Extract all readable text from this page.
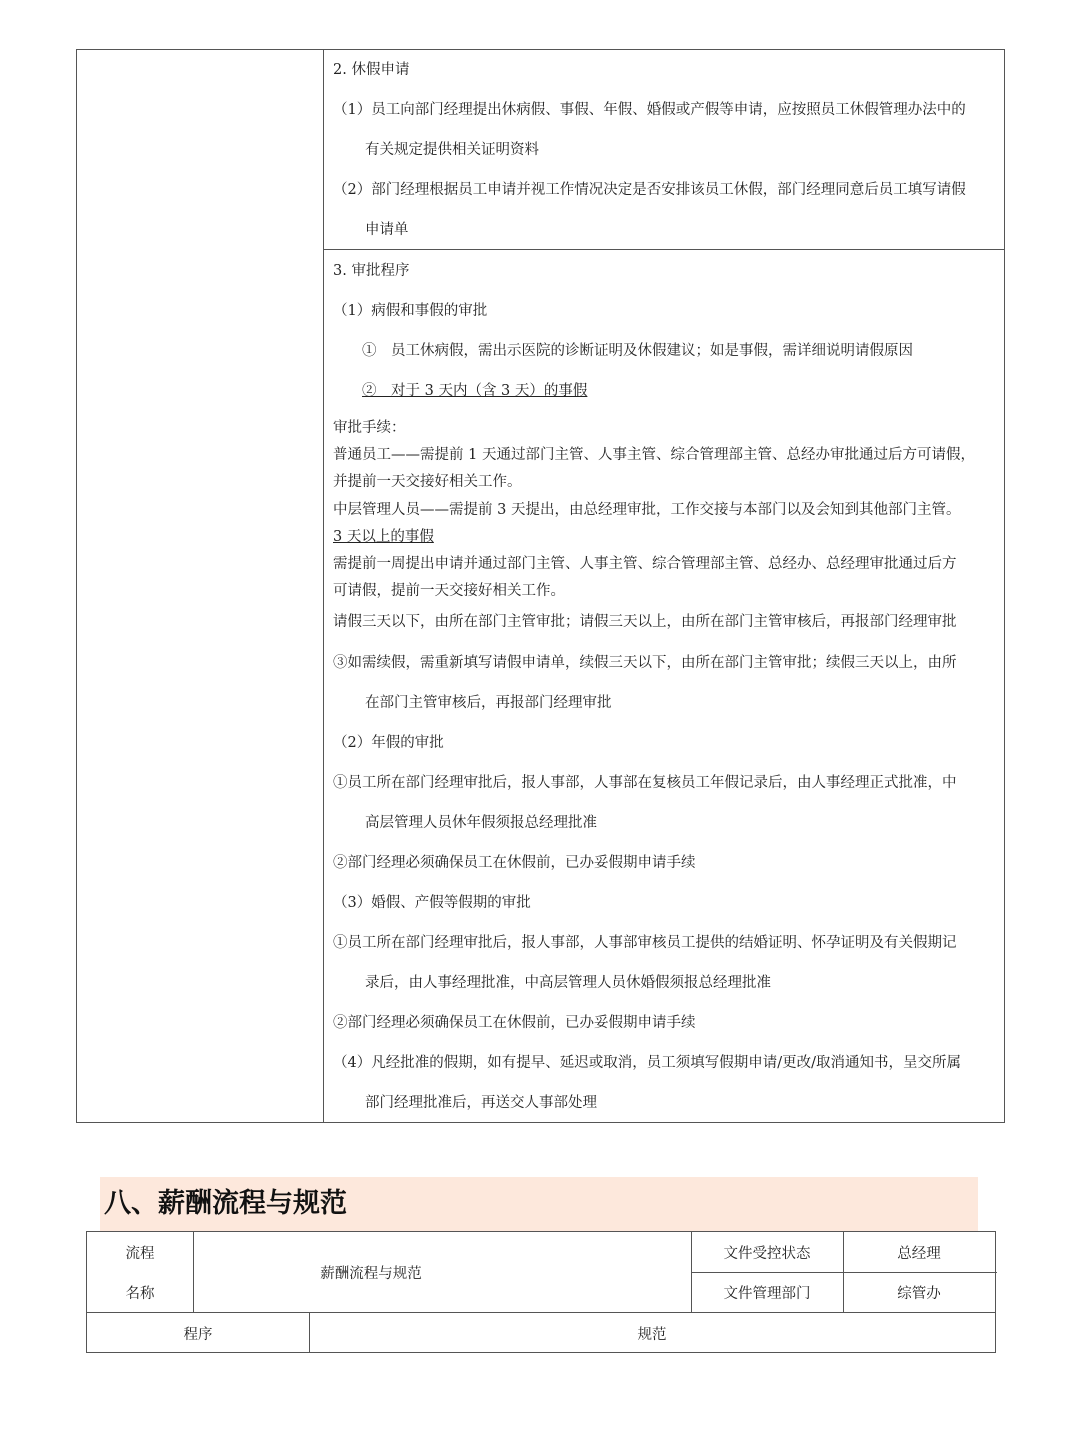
2. 休假申请
（1）员工向部门经理提出休病假、事假、年假、婚假或产假等申请，应按照员工休假管理办法中的
有关规定提供相关证明资料
（2）部门经理根据员工申请并视工作情况决定是否安排该员工休假，部门经理同意后员工填写请假
申请单
3. 审批程序
（1）病假和事假的审批
①　员工休病假，需出示医院的诊断证明及休假建议；如是事假，需详细说明请假原因
②　对于 3 天内（含 3 天）的事假
审批手续：
普通员工——需提前 1 天通过部门主管、人事主管、综合管理部主管、总经办审批通过后方可请假，
并提前一天交接好相关工作。
中层管理人员——需提前 3 天提出，由总经理审批，工作交接与本部门以及会知到其他部门主管。
3 天以上的事假
需提前一周提出申请并通过部门主管、人事主管、综合管理部主管、总经办、总经理审批通过后方
可请假，提前一天交接好相关工作。
请假三天以下，由所在部门主管审批；请假三天以上，由所在部门主管审核后，再报部门经理审批
③如需续假，需重新填写请假申请单，续假三天以下，由所在部门主管审批；续假三天以上，由所
在部门主管审核后，再报部门经理审批
（2）年假的审批
①员工所在部门经理审批后，报人事部，人事部在复核员工年假记录后，由人事经理正式批准，中
高层管理人员休年假须报总经理批准
②部门经理必须确保员工在休假前，已办妥假期申请手续
（3）婚假、产假等假期的审批
①员工所在部门经理审批后，报人事部，人事部审核员工提供的结婚证明、怀孕证明及有关假期记
录后，由人事经理批准，中高层管理人员休婚假须报总经理批准
②部门经理必须确保员工在休假前，已办妥假期申请手续
（4）凡经批准的假期，如有提早、延迟或取消，员工须填写假期申请/更改/取消通知书，呈交所属
部门经理批准后，再送交人事部处理
八、薪酬流程与规范
流程
名称
薪酬流程与规范
文件受控状态	总经理
文件管理部门	综管办
程序	规范
